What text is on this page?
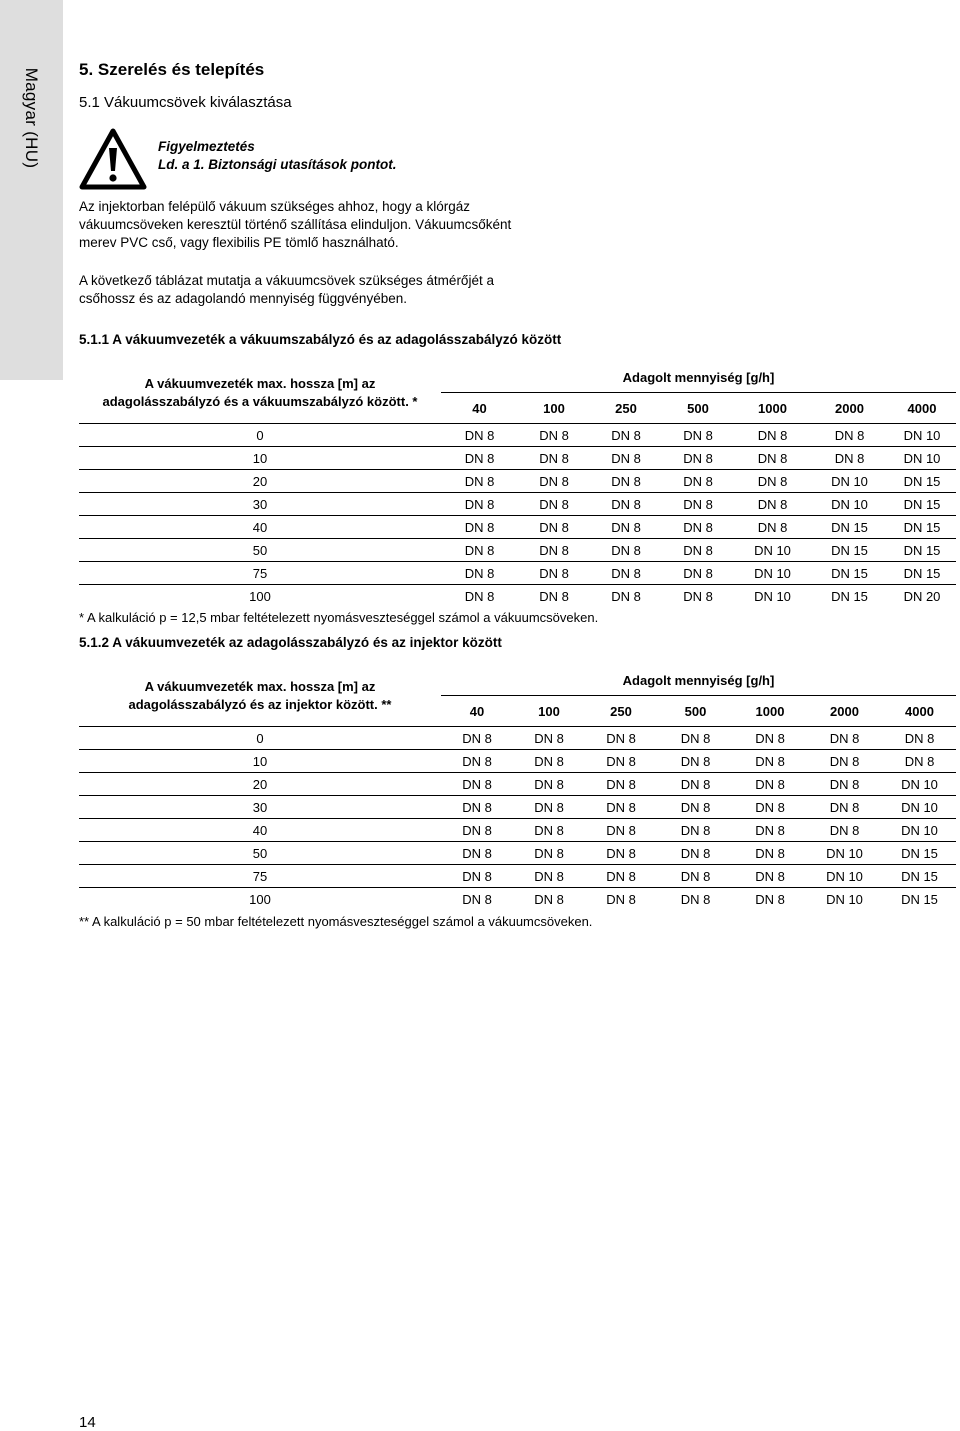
Magyar (HU) 5. Szerelés és telepítés
5.1 Vákuumcsövek kiválasztása
Figyelmeztetés
Ld. a 1. Biztonsági utasítások pontot.
Az injektorban felépülő vákuum szükséges ahhoz, hogy a klórgáz vákuumcsöveken keresztül történő szállítása elinduljon. Vákuumcsőként merev PVC cső, vagy flexibilis PE tömlő használható.
A következő táblázat mutatja a vákuumcsövek szükséges átmérőjét a csőhossz és az adagolandó mennyiség függvényében.
5.1.1 A vákuumvezeték a vákuumszabályzó és az adagolásszabályzó között
A vákuumvezeték max. hossza [m] az
adagolásszabályzó és a vákuumszabályzó között. *	Adagolt mennyiség [g/h]						
	40	100	250	500	1000	2000	4000
0	DN 8	DN 8	DN 8	DN 8	DN 8	DN 8	DN 10
10	DN 8	DN 8	DN 8	DN 8	DN 8	DN 8	DN 10
20	DN 8	DN 8	DN 8	DN 8	DN 8	DN 10	DN 15
30	DN 8	DN 8	DN 8	DN 8	DN 8	DN 10	DN 15
40	DN 8	DN 8	DN 8	DN 8	DN 8	DN 15	DN 15
50	DN 8	DN 8	DN 8	DN 8	DN 10	DN 15	DN 15
75	DN 8	DN 8	DN 8	DN 8	DN 10	DN 15	DN 15
100	DN 8	DN 8	DN 8	DN 8	DN 10	DN 15	DN 20
* A kalkuláció p = 12,5 mbar feltételezett nyomásveszteséggel számol a vákuumcsöveken.
5.1.2 A vákuumvezeték az adagolásszabályzó és az injektor között
A vákuumvezeték max. hossza [m] az
adagolásszabályzó és az injektor között. **	Adagolt mennyiség [g/h]						
	40	100	250	500	1000	2000	4000
0	DN 8	DN 8	DN 8	DN 8	DN 8	DN 8	DN 8
10	DN 8	DN 8	DN 8	DN 8	DN 8	DN 8	DN 8
20	DN 8	DN 8	DN 8	DN 8	DN 8	DN 8	DN 10
30	DN 8	DN 8	DN 8	DN 8	DN 8	DN 8	DN 10
40	DN 8	DN 8	DN 8	DN 8	DN 8	DN 8	DN 10
50	DN 8	DN 8	DN 8	DN 8	DN 8	DN 10	DN 15
75	DN 8	DN 8	DN 8	DN 8	DN 8	DN 10	DN 15
100	DN 8	DN 8	DN 8	DN 8	DN 8	DN 10	DN 15
** A kalkuláció p = 50 mbar feltételezett nyomásveszteséggel számol a vákuumcsöveken.
14
